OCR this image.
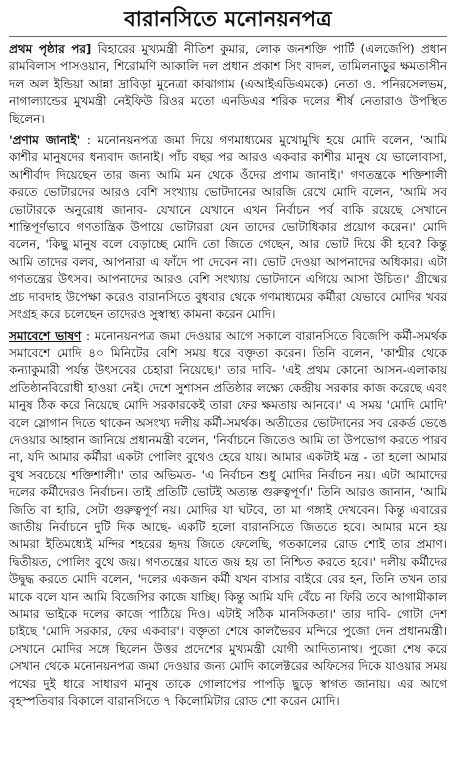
বারানসিতে মনোনয়নপত্র

প্রথম পৃষ্ঠার পর] বিহারের মুখ্যমন্ত্রী নীতিশ কুমার, লোক জনশক্তি পার্টি (এলজেপি) প্রধান রামবিলাস পাসওয়ান, শিরোমণি আকালি দল প্রধান প্রকাশ সিং বাদল, তামিলনাড়ুর ক্ষমতাসীন দল অল ইন্ডিয়া আন্না দ্রাবিড়া মুনেত্রা কাঝাগাম (এআইএডিএমকে) নেতা ও. পনিরসেলভম, নাগাল্যান্ডের মুখমন্ত্রী নেইফিউ রিওর মতো এনডিএর শরিক দলের শীর্ষ নেতারাও উপস্থিত ছিলেন।

'প্রণাম জানাই' : মনোনয়নপত্র জমা দিয়ে গণমাধ্যমের মুখোমুখি হয়ে মোদি বলেন, 'আমি কাশীর মানুষদের ধন্যবাদ জানাই। পাঁচ বছর পর আরও একবার কাশীর মানুষ যে ভালোবাসা, আশীর্বাদ দিয়েছেন তার জন্য আমি মন থেকে ওঁদের প্রণাম জানাই।' গণতন্ত্রকে শক্তিশালী করতে ভোটারদের আরও বেশি সংখ্যায় ভোটদানের আরজি রেখে মোদি বলেন, 'আমি সব ভোটারকে অনুরোধ জানাব- যেখানে যেখানে এখন নির্বাচন পর্ব বাকি রয়েছে সেখানে শান্তিপূর্ণভাবে গণতান্ত্রিক উপায়ে ভোটাররা যেন তাদের ভোটাধিকার প্রয়োগ করেন।' মোদি বলেন, 'কিছু মানুষ বলে বেড়াচ্ছে মোদি তো জিতে গেছেন, আর ভোট দিয়ে কী হবে? কিন্তু আমি তাদের বলব, আপনারা এ ফাঁদে পা দেবেন না। ভোট দেওয়া আপনাদের অধিকার। এটা গণতন্ত্রের উৎসব। আপনাদের আরও বেশি সংখ্যায় ভোটদানে এগিয়ে আসা উচিত।' গ্রীষ্মের প্রচ দাবদাহ উপেক্ষা করেও বারানসিতে বুধবার থেকে গণমাধ্যমের কর্মীরা যেভাবে মোদির খবর সংগ্রহ করে চলেছেন তাদেরও সুস্বাস্থ্য কামনা করেন মোদি।

সমাবেশে ভাষণ : মনোনয়নপত্র জমা দেওয়ার আগে সকালে বারানসিতে বিজেপি কর্মী-সমর্থক সমাবেশে মোদি ৪০ মিনিটের বেশি সময় ধরে বক্তৃতা করেন। তিনি বলেন, 'কাশ্মীর থেকে কন্যাকুমারী পর্যন্ত উৎসবের চেহারা নিয়েছে।' তার দাবি- 'এই প্রথম কোনো আসন-এলাকায় প্রতিষ্ঠানবিরোধী হাওয়া নেই। দেশে সুশাসন প্রতিষ্ঠার লক্ষ্যে কেন্দ্রীয় সরকার কাজ করেছে এবং মানুষ ঠিক করে নিয়েছে মোদি সরকারকেই তারা ফের ক্ষমতায় আনবে।' এ সময় 'মোদি মোদি' বলে স্লোগান দিতে থাকেন অসংখ্য দলীয় কর্মী-সমর্থক। অতীতের ভোটদানের সব রেকর্ড ভেঙে দেওয়ার আহ্বান জানিয়ে প্রধানমন্ত্রী বলেন, 'নির্বাচনে জিতেও আমি তা উপভোগ করতে পারব না, যদি আমার কর্মীরা একটা পোলিং বুথেও হেরে যায়। আমার একটাই মন্ত্র - তা হলো আমার বুথ সবচেয়ে শক্তিশালী।' তার অভিমত- 'এ নির্বাচন শুধু মোদির নির্বাচন নয়। এটা আমাদের দলের কর্মীদেরও নির্বাচন। তাই প্রতিটি ভোটই অত্যন্ত গুরুত্বপূর্ণ।' তিনি আরও জানান, 'আমি জিতি বা হারি, সেটা গুরুত্বপূর্ণ নয়। মোদির যা ঘটবে, তা মা গঙ্গাই দেখবেন। কিন্তু এবারের জাতীয় নির্বাচনে দুটি দিক আছে- একটি হলো বারানসিতে জিততে হবে। আমার মনে হয় আমরা ইতিমধ্যেই মন্দির শহরের হৃদয় জিতে ফেলেছি, গতকালের রোড শোই তার প্রমাণ। দ্বিতীয়ত, পোলিং বুথে জয়। গণতন্ত্রের যাতে জয় হয় তা নিশ্চিত করতে হবে।' দলীয় কর্মীদের উদ্বুদ্ধ করতে মোদি বলেন, 'দলের একজন কর্মী যখন বাসার বাইরে বের হন, তিনি তখন তার মাকে বলে যান আমি বিজেপির কাজে যাচ্ছি। কিন্তু আমি যদি বেঁচে না ফিরি তবে আগামীকাল আমার ভাইকে দলের কাজে পাঠিয়ে দিও। এটাই সঠিক মানসিকতা।' তার দাবি- গোটা দেশ চাইছে 'মোদি সরকার, ফের একবার'। বক্তৃতা শেষে কালভৈরব মন্দিরে পুজো দেন প্রধানমন্ত্রী। সেখানে মোদির সঙ্গে ছিলেন উত্তর প্রদেশের মুখ্যমন্ত্রী যোগী আদিত্যনাথ। পুজো শেষ করে সেখান থেকে মনোনয়নপত্র জমা দেওয়ার জন্য মোদি কালেক্টরের অফিসের দিকে যাওয়ার সময় পথের দুই ধারে সাধারণ মানুষ তাকে গোলাপের পাপড়ি ছুড়ে স্বাগত জানায়। এর আগে বৃহস্পতিবার বিকালে বারানসিতে ৭ কিলোমিটার রোড শো করেন মোদি।
